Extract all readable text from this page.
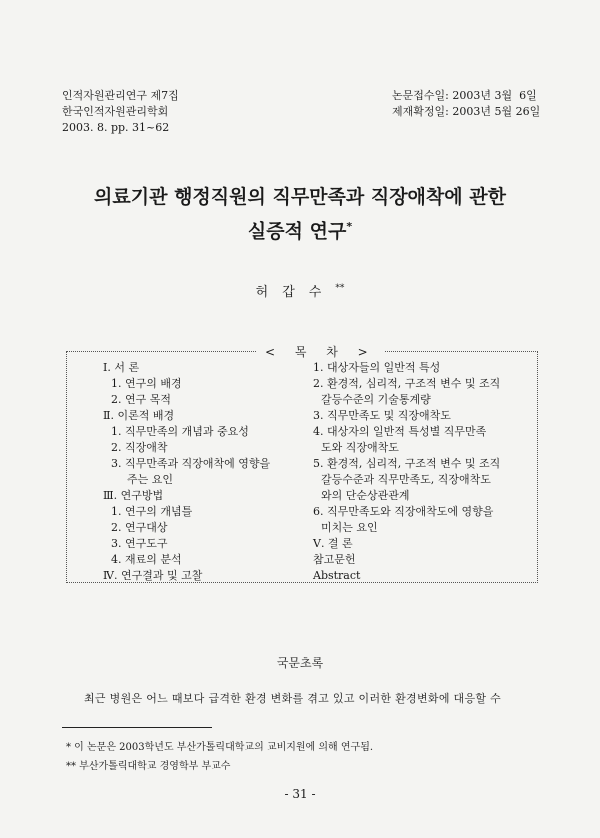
인적자원관리연구 제7집
한국인적자원관리학회
2003. 8. pp. 31~62
논문접수일: 2003년 3월  6일
제재확정일: 2003년 5월 26일
의료기관 행정직원의 직무만족과 직장애착에 관한
실증적 연구*
허갑수**
< 목 차 >
Ⅰ. 서 론
1. 연구의 배경
2. 연구 목적
Ⅱ. 이론적 배경
1. 직무만족의 개념과 중요성
2. 직장애착
3. 직무만족과 직장애착에 영향을
주는 요인
Ⅲ. 연구방법
1. 연구의 개념틀
2. 연구대상
3. 연구도구
4. 재료의 분석
Ⅳ. 연구결과 및 고찰
1. 대상자들의 일반적 특성
2. 환경적, 심리적, 구조적 변수 및 조직
갈등수준의 기술통계량
3. 직무만족도 및 직장애착도
4. 대상자의 일반적 특성별 직무만족
도와 직장애착도
5. 환경적, 심리적, 구조적 변수 및 조직
갈등수준과 직무만족도, 직장애착도
와의 단순상관관계
6. 직무만족도와 직장애착도에 영향을
미치는 요인
Ⅴ. 결 론
참고문헌
Abstract
국문초록
최근 병원은 어느 때보다 급격한 환경 변화를 겪고 있고 이러한 환경변화에 대응할 수
* 이 논문은 2003학년도 부산가톨릭대학교의 교비지원에 의해 연구됨.
** 부산가톨릭대학교 경영학부 부교수
- 31 -
